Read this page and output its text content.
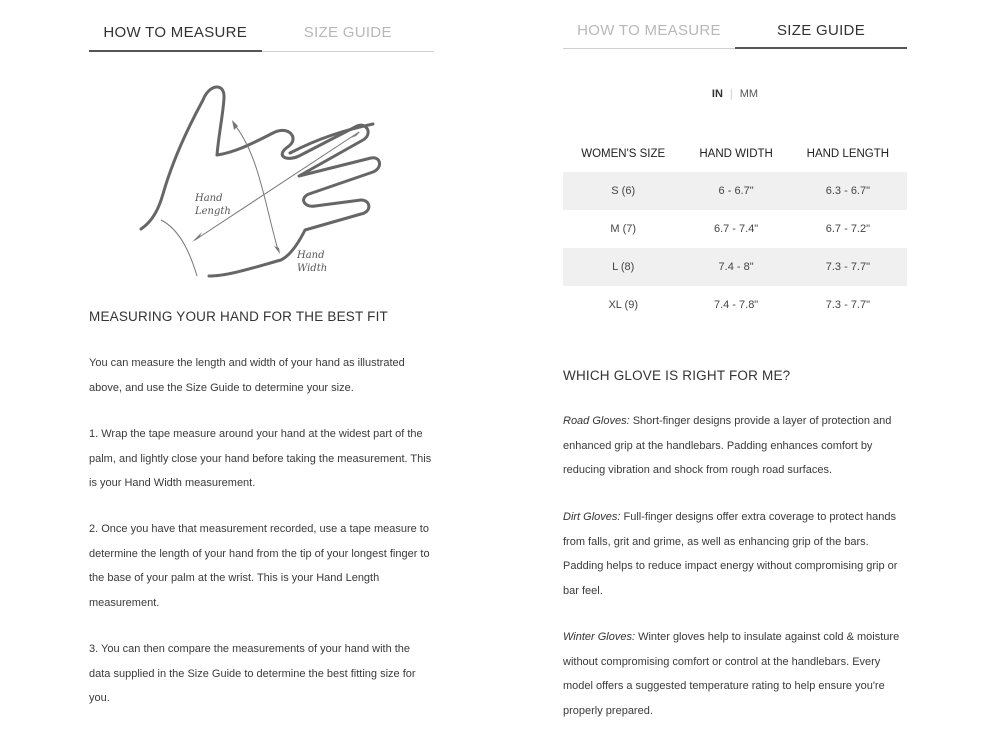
HOW TO MEASURE	SIZE GUIDE
Hand
Length
Hand
Width
MEASURING YOUR HAND FOR THE BEST FIT
You can measure the length and width of your hand as illustrated above, and use the Size Guide to determine your size.
1. Wrap the tape measure around your hand at the widest part of the palm, and lightly close your hand before taking the measurement. This is your Hand Width measurement.
2. Once you have that measurement recorded, use a tape measure to determine the length of your hand from the tip of your longest finger to the base of your palm at the wrist. This is your Hand Length measurement.
3. You can then compare the measurements of your hand with the data supplied in the Size Guide to determine the best fitting size for you.
HOW TO MEASURE	SIZE GUIDE
IN | MM
WOMEN'S SIZE	HAND WIDTH	HAND LENGTH
S (6)	6 - 6.7"	6.3 - 6.7"
M (7)	6.7 - 7.4"	6.7 - 7.2"
L (8)	7.4 - 8"	7.3 - 7.7"
XL (9)	7.4 - 7.8"	7.3 - 7.7"
WHICH GLOVE IS RIGHT FOR ME?
Road Gloves: Short-finger designs provide a layer of protection and enhanced grip at the handlebars. Padding enhances comfort by reducing vibration and shock from rough road surfaces.
Dirt Gloves: Full-finger designs offer extra coverage to protect hands from falls, grit and grime, as well as enhancing grip of the bars. Padding helps to reduce impact energy without compromising grip or bar feel.
Winter Gloves: Winter gloves help to insulate against cold & moisture without compromising comfort or control at the handlebars. Every model offers a suggested temperature rating to help ensure you're properly prepared.
